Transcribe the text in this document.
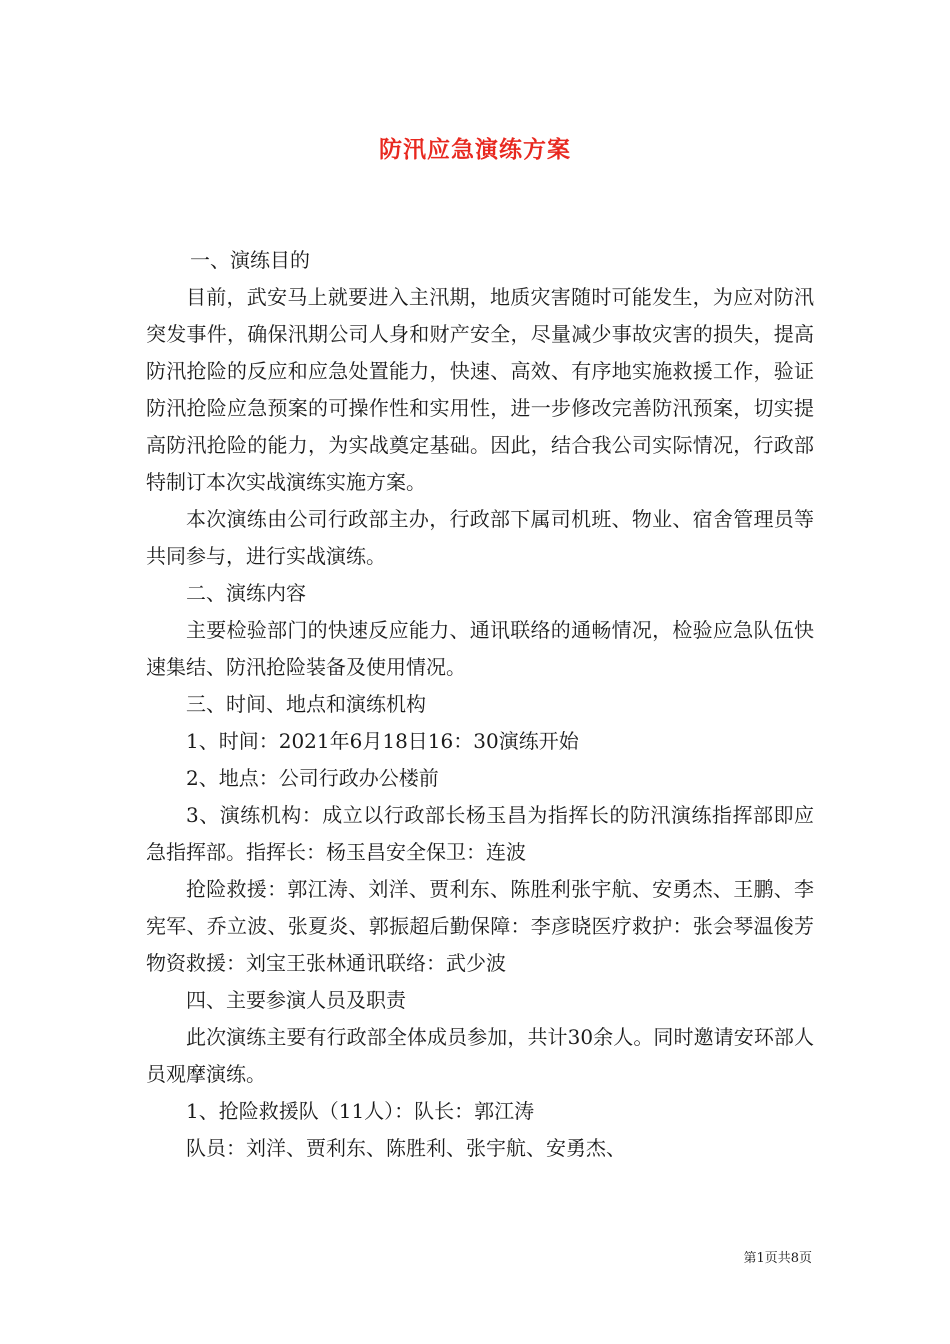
防汛应急演练方案

一、演练目的

目前，武安马上就要进入主汛期，地质灾害随时可能发生，为应对防汛突发事件，确保汛期公司人身和财产安全，尽量减少事故灾害的损失，提高防汛抢险的反应和应急处置能力，快速、高效、有序地实施救援工作，验证防汛抢险应急预案的可操作性和实用性，进一步修改完善防汛预案，切实提高防汛抢险的能力，为实战奠定基础。因此，结合我公司实际情况，行政部特制订本次实战演练实施方案。

本次演练由公司行政部主办，行政部下属司机班、物业、宿舍管理员等共同参与，进行实战演练。

二、演练内容

主要检验部门的快速反应能力、通讯联络的通畅情况，检验应急队伍快速集结、防汛抢险装备及使用情况。

三、时间、地点和演练机构

1、时间：2021年6月18日16：30演练开始

2、地点：公司行政办公楼前

3、演练机构：成立以行政部长杨玉昌为指挥长的防汛演练指挥部即应急指挥部。指挥长：杨玉昌安全保卫：连波

抢险救援：郭江涛、刘洋、贾利东、陈胜利张宇航、安勇杰、王鹏、李宪军、乔立波、张夏炎、郭振超后勤保障：李彦晓医疗救护：张会琴温俊芳物资救援：刘宝王张林通讯联络：武少波

四、主要参演人员及职责

此次演练主要有行政部全体成员参加，共计30余人。同时邀请安环部人员观摩演练。

1、抢险救援队（11人）：队长：郭江涛

队员：刘洋、贾利东、陈胜利、张宇航、安勇杰、

第1页共8页
